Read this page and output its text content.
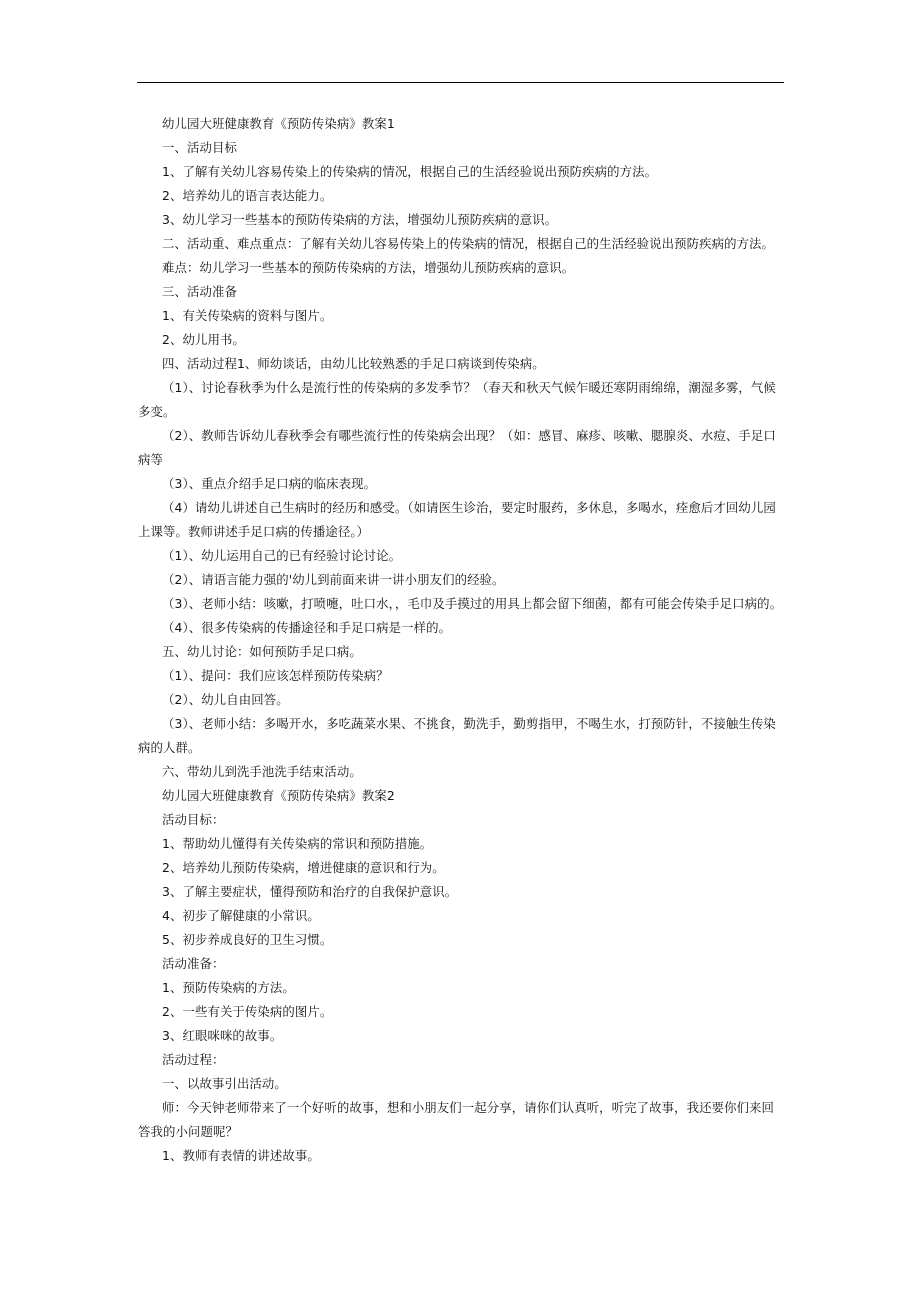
幼儿园大班健康教育《预防传染病》教案1

一、活动目标

1、了解有关幼儿容易传染上的传染病的情况，根据自己的生活经验说出预防疾病的方法。

2、培养幼儿的语言表达能力。

3、幼儿学习一些基本的预防传染病的方法，增强幼儿预防疾病的意识。

二、活动重、难点重点：了解有关幼儿容易传染上的传染病的情况，根据自己的生活经验说出预防疾病的方法。

难点：幼儿学习一些基本的预防传染病的方法，增强幼儿预防疾病的意识。

三、活动准备

1、有关传染病的资料与图片。

2、幼儿用书。

四、活动过程1、师幼谈话，由幼儿比较熟悉的手足口病谈到传染病。

（1）、讨论春秋季为什么是流行性的传染病的多发季节？（春天和秋天气候乍暖还寒阴雨绵绵，潮湿多雾，气候多变。

（2）、教师告诉幼儿春秋季会有哪些流行性的传染病会出现？（如：感冒、麻疹、咳嗽、腮腺炎、水痘、手足口病等

（3）、重点介绍手足口病的临床表现。

（4）请幼儿讲述自己生病时的经历和感受。（如请医生诊治，要定时服药，多休息，多喝水，痊愈后才回幼儿园上课等。教师讲述手足口病的传播途径。）

（1）、幼儿运用自己的已有经验讨论讨论。

（2）、请语言能力强的'幼儿到前面来讲一讲小朋友们的经验。

（3）、老师小结：咳嗽，打喷嚏，吐口水，，毛巾及手摸过的用具上都会留下细菌，都有可能会传染手足口病的。

（4）、很多传染病的传播途径和手足口病是一样的。

五、幼儿讨论：如何预防手足口病。

（1）、提问：我们应该怎样预防传染病？

（2）、幼儿自由回答。

（3）、老师小结：多喝开水，多吃蔬菜水果、不挑食，勤洗手，勤剪指甲，不喝生水，打预防针，不接触生传染病的人群。

六、带幼儿到洗手池洗手结束活动。

幼儿园大班健康教育《预防传染病》教案2

活动目标：

1、帮助幼儿懂得有关传染病的常识和预防措施。

2、培养幼儿预防传染病，增进健康的意识和行为。

3、了解主要症状，懂得预防和治疗的自我保护意识。

4、初步了解健康的小常识。

5、初步养成良好的卫生习惯。

活动准备：

1、预防传染病的方法。

2、一些有关于传染病的图片。

3、红眼咪咪的故事。

活动过程：

一、以故事引出活动。

师：今天钟老师带来了一个好听的故事，想和小朋友们一起分享，请你们认真听，听完了故事，我还要你们来回答我的小问题呢？

1、教师有表情的讲述故事。
